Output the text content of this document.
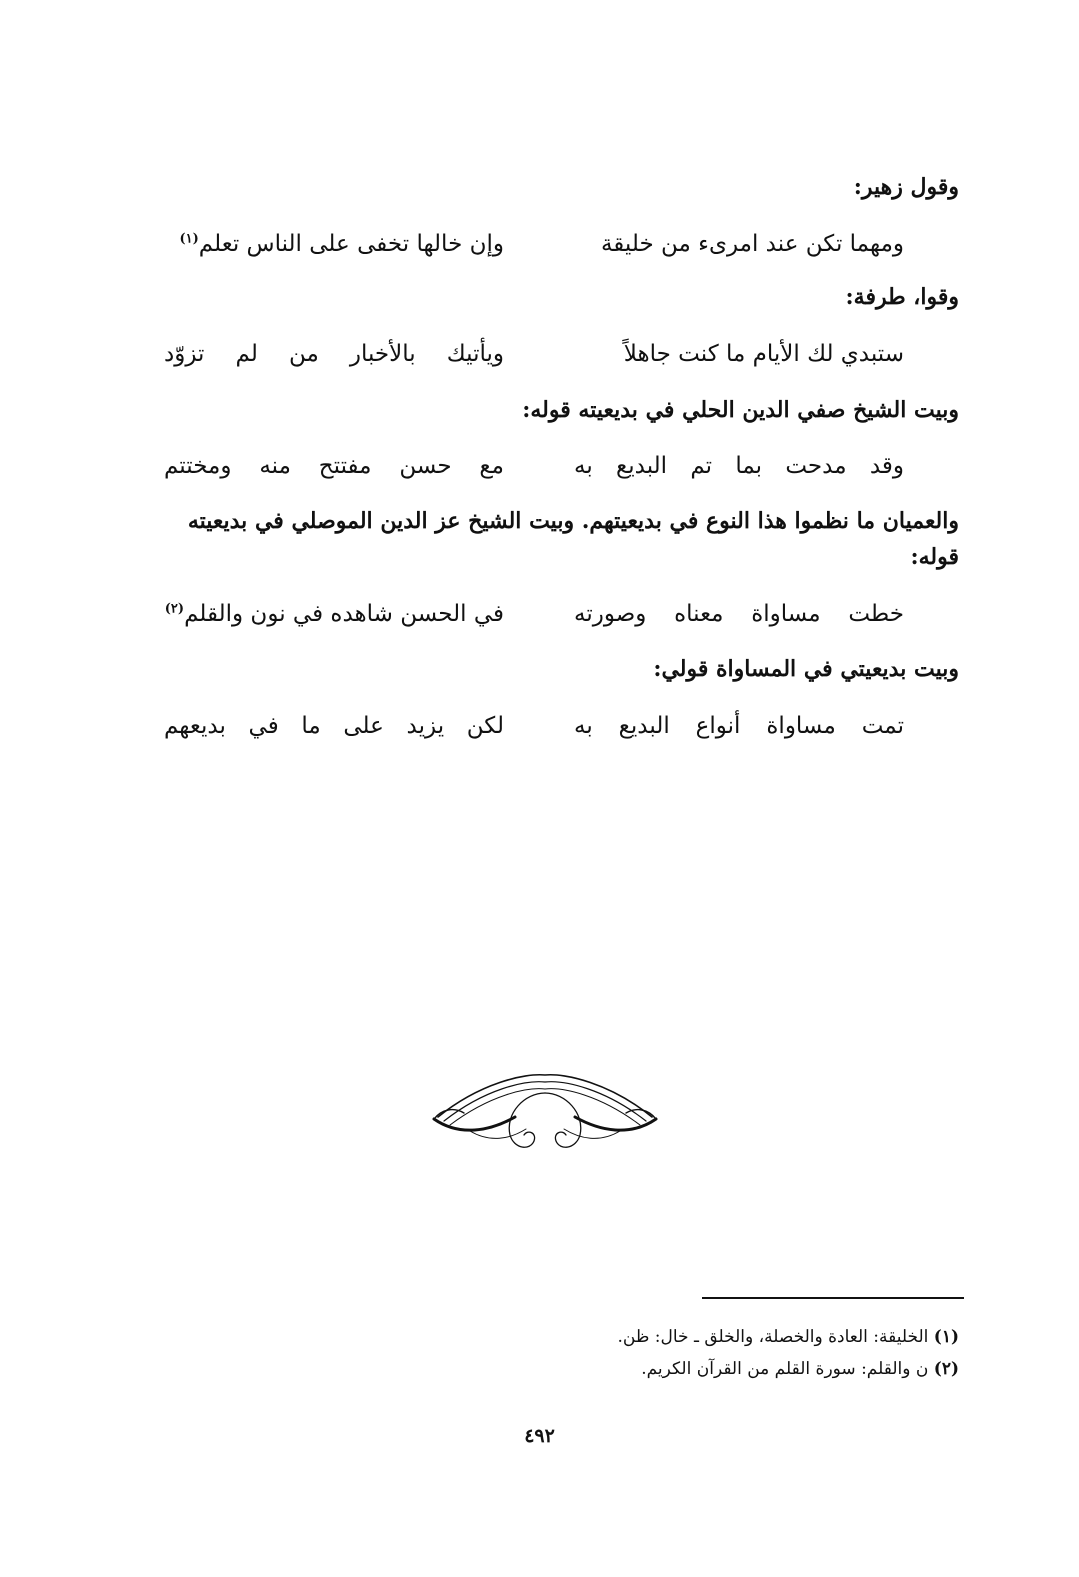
وقول زهير:
ومهما تكن عند امرىء من خليقة
وإن خالها تخفى على الناس تعلم$^{(١)}$
وقوا، طرفة:
ستبدي لك الأيام ما كنت جاهلاً
ويأتيك بالأخبار من لم تزوّد
وبيت الشيخ صفي الدين الحلي في بديعيته قوله:
وقد مدحت بما تم البديع به
مع حسن مفتتح منه ومختتم
والعميان ما نظموا هذا النوع في بديعيتهم. وبيت الشيخ عز الدين الموصلي في بديعيته قوله:
خطت مساواة معناه وصورته
في الحسن شاهده في نون والقلم$^{(٢)}$
وبيت بديعيتي في المساواة قولي:
تمت مساواة أنواع البديع به
لكن يزيد على ما في بديعهم
(١) الخليقة: العادة والخصلة، والخلق ـ خال: ظن.
(٢) ن والقلم: سورة القلم من القرآن الكريم.
٤٩٢
